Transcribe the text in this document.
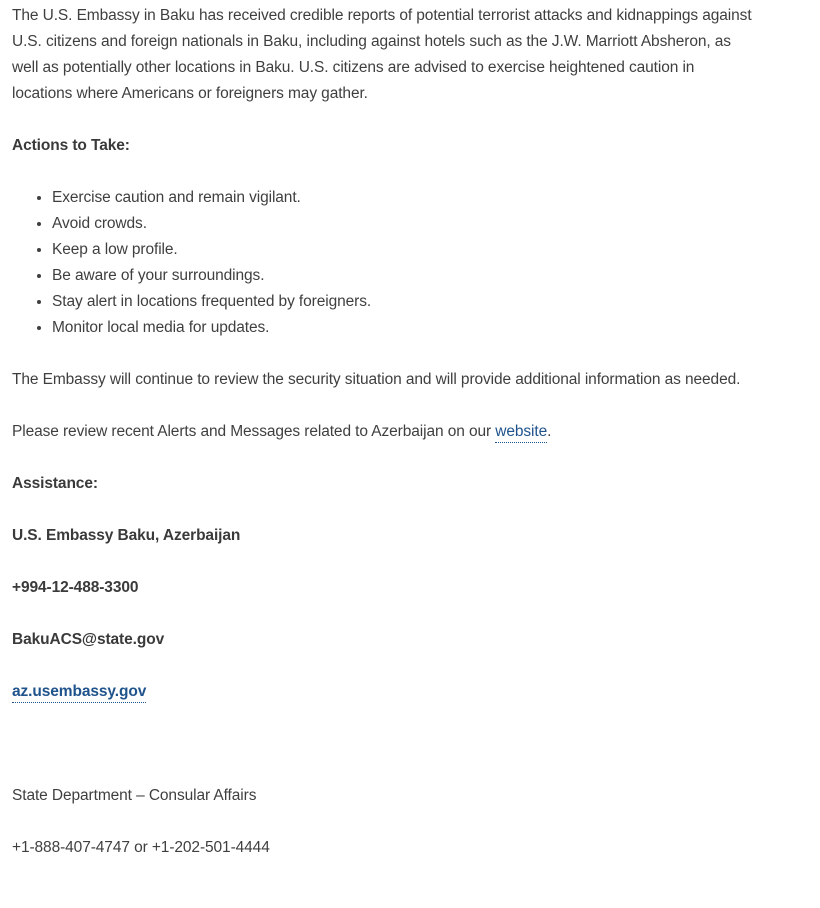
The U.S. Embassy in Baku has received credible reports of potential terrorist attacks and kidnappings against U.S. citizens and foreign nationals in Baku, including against hotels such as the J.W. Marriott Absheron, as well as potentially other locations in Baku. U.S. citizens are advised to exercise heightened caution in locations where Americans or foreigners may gather.

Actions to Take:

• Exercise caution and remain vigilant.
• Avoid crowds.
• Keep a low profile.
• Be aware of your surroundings.
• Stay alert in locations frequented by foreigners.
• Monitor local media for updates.

The Embassy will continue to review the security situation and will provide additional information as needed.

Please review recent Alerts and Messages related to Azerbaijan on our website.

Assistance:

U.S. Embassy Baku, Azerbaijan

+994-12-488-3300

BakuACS@state.gov

az.usembassy.gov

State Department – Consular Affairs

+1-888-407-4747 or +1-202-501-4444
